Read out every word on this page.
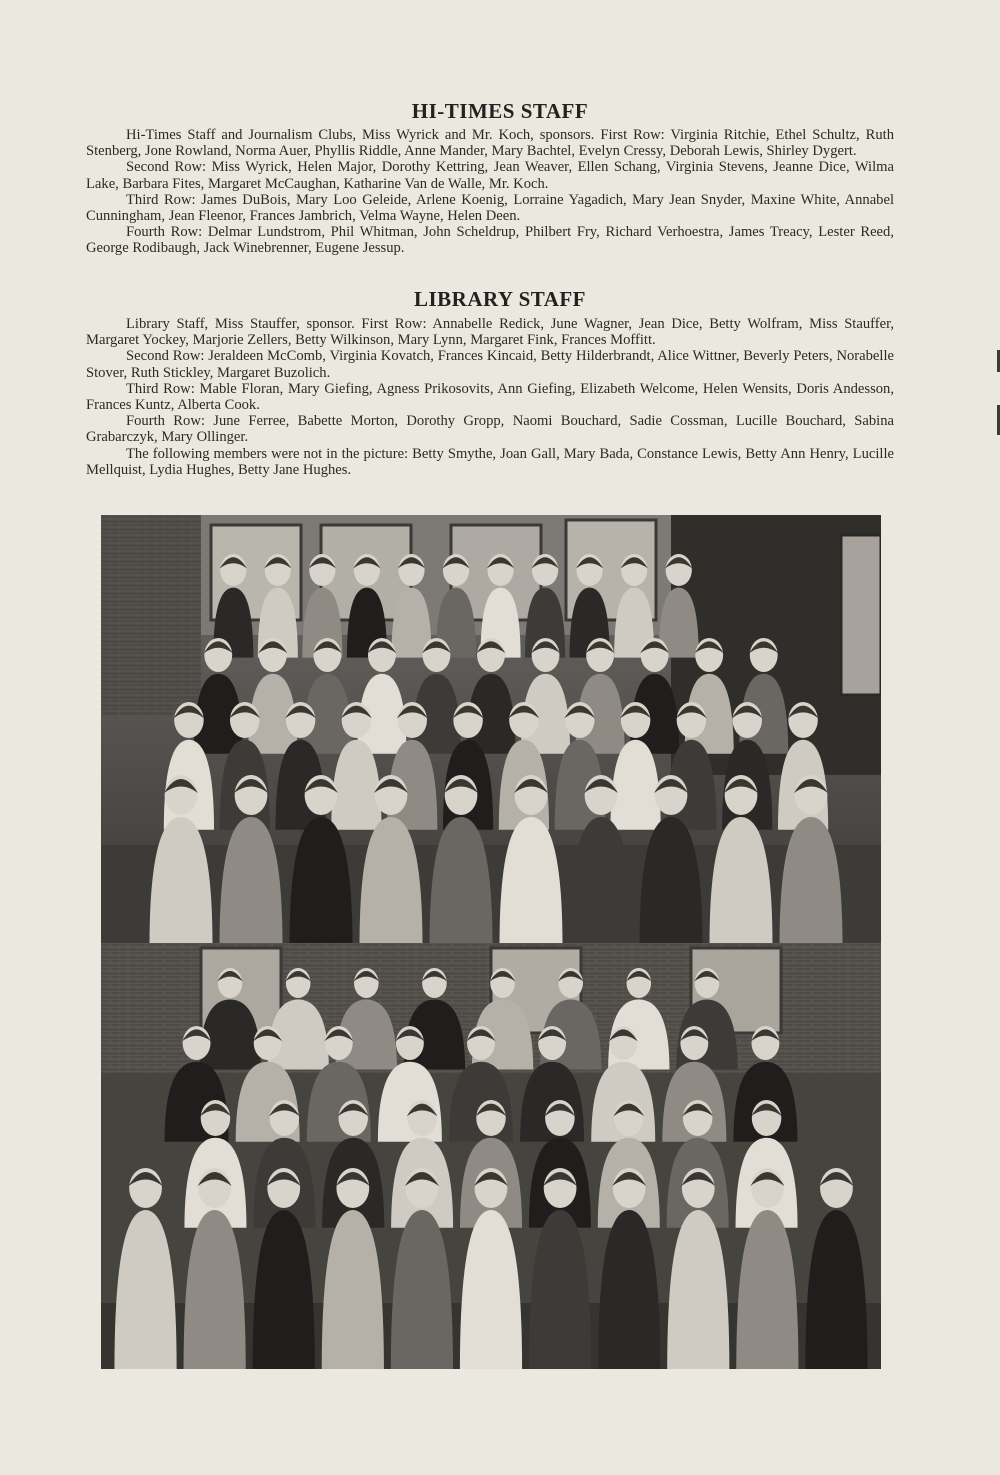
HI-TIMES STAFF

Hi-Times Staff and Journalism Clubs, Miss Wyrick and Mr. Koch, sponsors. First Row: Virginia Ritchie, Ethel Schultz, Ruth Stenberg, Jone Rowland, Norma Auer, Phyllis Riddle, Anne Mander, Mary Bachtel, Evelyn Cressy, Deborah Lewis, Shirley Dygert.

Second Row: Miss Wyrick, Helen Major, Dorothy Kettring, Jean Weaver, Ellen Schang, Virginia Stevens, Jeanne Dice, Wilma Lake, Barbara Fites, Margaret McCaughan, Katharine Van de Walle, Mr. Koch.

Third Row: James DuBois, Mary Loo Geleide, Arlene Koenig, Lorraine Yagadich, Mary Jean Snyder, Maxine White, Annabel Cunningham, Jean Fleenor, Frances Jambrich, Velma Wayne, Helen Deen.

Fourth Row: Delmar Lundstrom, Phil Whitman, John Scheldrup, Philbert Fry, Richard Verhoestra, James Treacy, Lester Reed, George Rodibaugh, Jack Winebrenner, Eugene Jessup.

LIBRARY STAFF

Library Staff, Miss Stauffer, sponsor. First Row: Annabelle Redick, June Wagner, Jean Dice, Betty Wolfram, Miss Stauffer, Margaret Yockey, Marjorie Zellers, Betty Wilkinson, Mary Lynn, Margaret Fink, Frances Moffitt.

Second Row: Jeraldeen McComb, Virginia Kovatch, Frances Kincaid, Betty Hilderbrandt, Alice Wittner, Beverly Peters, Norabelle Stover, Ruth Stickley, Margaret Buzolich.

Third Row: Mable Floran, Mary Giefing, Agness Prikosovits, Ann Giefing, Elizabeth Welcome, Helen Wensits, Doris Andesson, Frances Kuntz, Alberta Cook.

Fourth Row: June Ferree, Babette Morton, Dorothy Gropp, Naomi Bouchard, Sadie Cossman, Lucille Bouchard, Sabina Grabarczyk, Mary Ollinger.

The following members were not in the picture: Betty Smythe, Joan Gall, Mary Bada, Constance Lewis, Betty Ann Henry, Lucille Mellquist, Lydia Hughes, Betty Jane Hughes.
